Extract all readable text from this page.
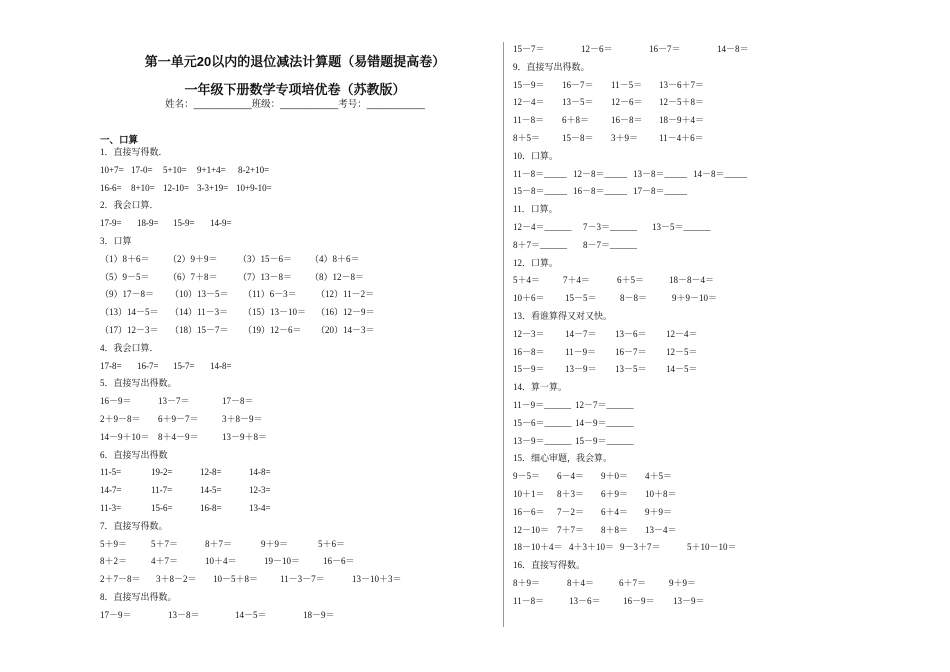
第一单元20以内的退位减法计算题（易错题提高卷）
一年级下册数学专项培优卷（苏教版）
姓名：___________班级：___________考号：___________
一、口算
1．直接写得数．
10+7= 17-0= 5+10= 9+1+4= 8-2+10=
16-6= 8+10= 12-10= 3-3+19= 10+9-10=
2．我会口算．
17-9= 18-9= 15-9= 14-9=
3．口算
（1）8＋6＝ （2）9＋9＝ （3）15－6＝ （4）8＋6＝
（5）9－5＝ （6）7＋8＝ （7）13－8＝ （8）12－8＝
（9）17－8＝ （10）13－5＝ （11）6－3＝ （12）11－2＝
（13）14－5＝ （14）11－3＝ （15）13－10＝ （16）12－9＝
（17）12－3＝ （18）15－7＝ （19）12－6＝ （20）14－3＝
4．我会口算．
17-8= 16-7= 15-7= 14-8=
5．直接写出得数。
16－9＝	13－7＝	17－8＝
2＋9－8＝ 6＋9－7＝	3＋8－9＝
14－9＋10＝ 8＋4－9＝	13－9＋8＝
6．直接写出得数
11-5=	19-2=	12-8=	14-8=
14-7=	11-7=	14-5=	12-3=
11-3=	15-6=	16-8=	13-4=
7．直接写得数。
5＋9＝	5＋7＝	8＋7＝	9＋9＝	5＋6＝
8＋2＝	4＋7＝	10＋4＝	19－10＝	16－6＝
2＋7－8＝ 3＋8－2＝ 10－5＋8＝ 11－3－7＝	13－10＋3＝
8．直接写出得数。
17－9＝	13－8＝	14－5＝	18－9＝
15－7＝	12－6＝	16－7＝	14－8＝
9．直接写出得数。
15－9＝ 16－7＝ 11－5＝ 13－6＋7＝
12－4＝ 13－5＝ 12－6＝ 12－5＋8＝
11－8＝ 6＋8＝ 16－8＝ 18－9＋4＝
8＋5＝ 15－8＝ 3＋9＝ 11－4＋6＝
10．口算。
11－8＝_____ 12－8＝_____ 13－8＝_____ 14－8＝_____
15－8＝_____ 16－8＝_____ 17－8＝_____
11．口算。
12－4＝______ 7－3＝______ 13－5＝______
8＋7＝______ 8－7＝______
12．口算。
5＋4＝	7＋4＝	6＋5＝	18－8－4＝
10＋6＝ 15－5＝	8－8＝	9＋9－10＝
13．看谁算得又对又快。
12－3＝ 14－7＝ 13－6＝ 12－4＝
16－8＝ 11－9＝ 16－7＝ 12－5＝
15－9＝ 13－9＝ 13－5＝ 14－5＝
14．算一算。
11－9＝______ 12－7＝______
15－6＝______ 14－9＝______
13－9＝______ 15－9＝______
15．细心审题，我会算。
9－5＝ 6－4＝ 9＋0＝ 4＋5＝
10＋1＝ 8＋3＝ 6＋9＝ 10＋8＝
16－6＝ 7－2＝ 6＋4＝ 9＋9＝
12－10＝ 7＋7＝ 8＋8＝ 13－4＝
18－10＋4＝ 4＋3＋10＝ 9－3＋7＝	5＋10－10＝
16．直接写得数。
8＋9＝	8＋4＝	6＋7＝	9＋9＝
11－8＝	13－6＝ 16－9＝ 13－9＝
